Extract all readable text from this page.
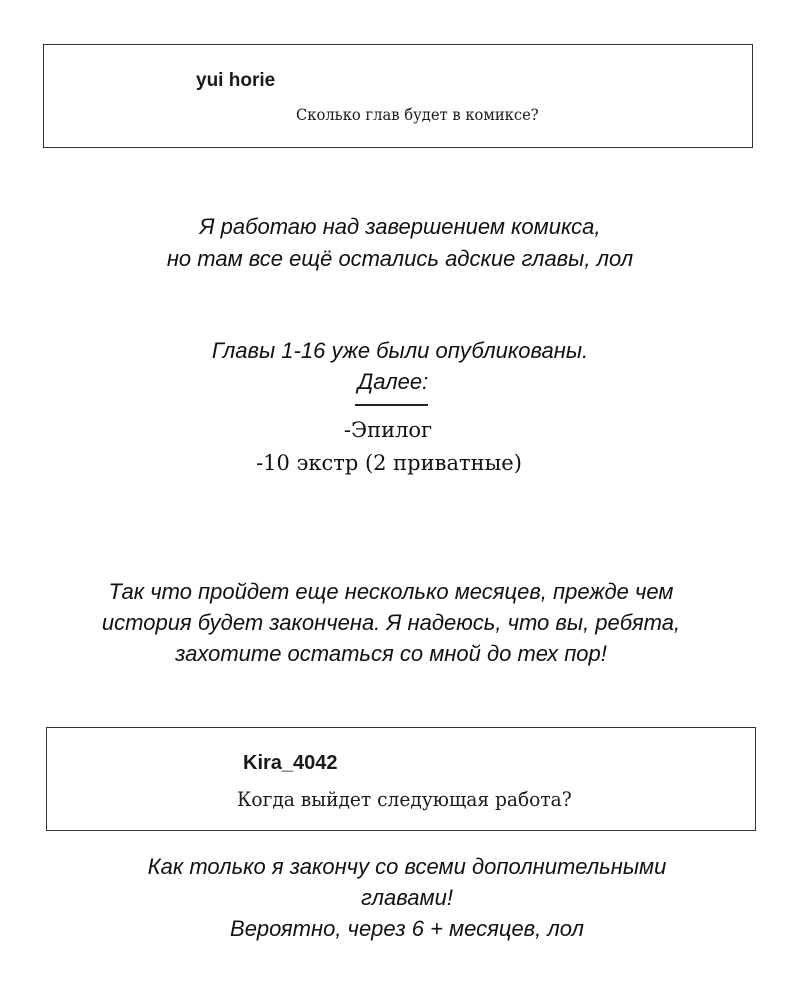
yui horie
Сколько глав будет в комиксе?
Я работаю над завершением комикса,
но там все ещё остались адские главы, лол
Главы 1-16 уже были опубликованы.
Далее:
-Эпилог
-10 экстр (2 приватные)
Так что пройдет еще несколько месяцев, прежде чем
история будет закончена. Я надеюсь, что вы, ребята,
захотите остаться со мной до тех пор!
Kira_4042
Когда выйдет следующая работа?
Как только я закончу со всеми дополнительными
главами!
Вероятно, через 6 + месяцев, лол
